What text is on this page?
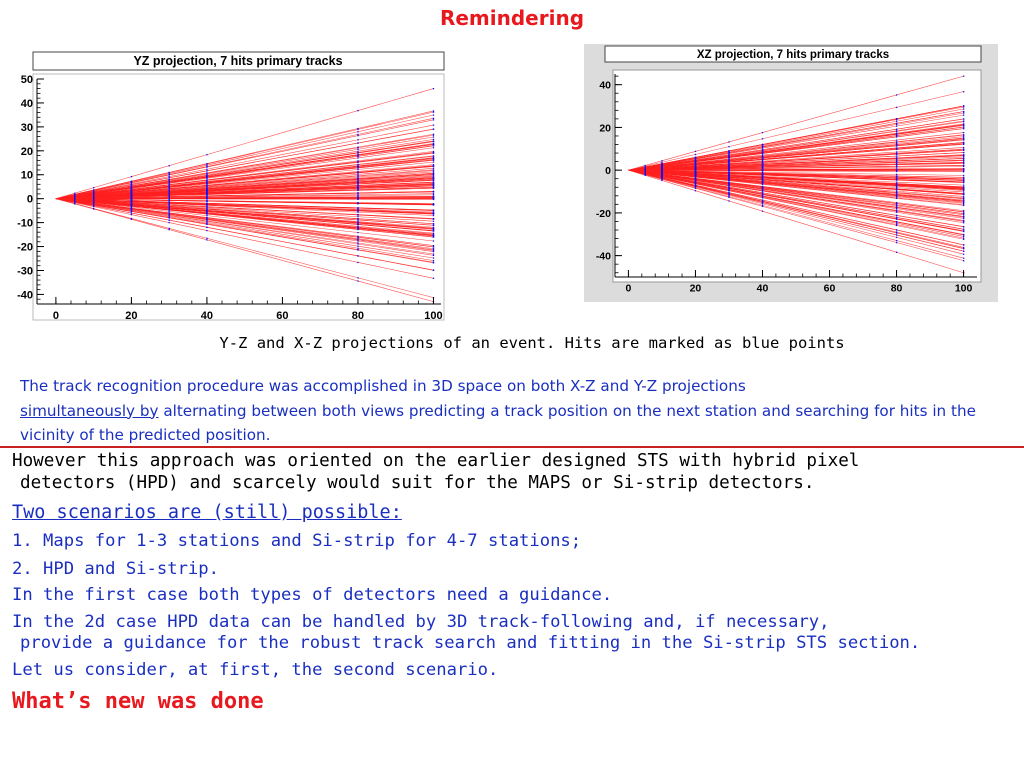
Remindering
YZ projection, 7 hits primary tracks
-40
-30
-20
-10
0
10
20
30
40
50
0	20	40	60	80	100
XZ projection, 7 hits primary tracks
-40
-20
0
20
40
0	20	40	60	80	100
Y-Z and X-Z projections of an event. Hits are marked as blue points
The track recognition procedure was accomplished in 3D space on both X-Z and Y-Z projections
simultaneously by alternating between both views predicting a track position on the next station and searching for hits in the vicinity of the predicted position.
However this approach was oriented on the earlier designed STS with hybrid pixel
detectors (HPD) and scarcely would suit for the MAPS or Si-strip detectors.
Two scenarios are (still) possible:
1. Maps for 1-3 stations and Si-strip for 4-7 stations;
2. HPD and Si-strip.
In the first case both types of detectors need a guidance.
In the 2d case HPD data can be handled by 3D track-following and, if necessary,
provide a guidance for the robust track search and fitting in the Si-strip STS section.
Let us consider, at first, the second scenario.
What’s new was done
